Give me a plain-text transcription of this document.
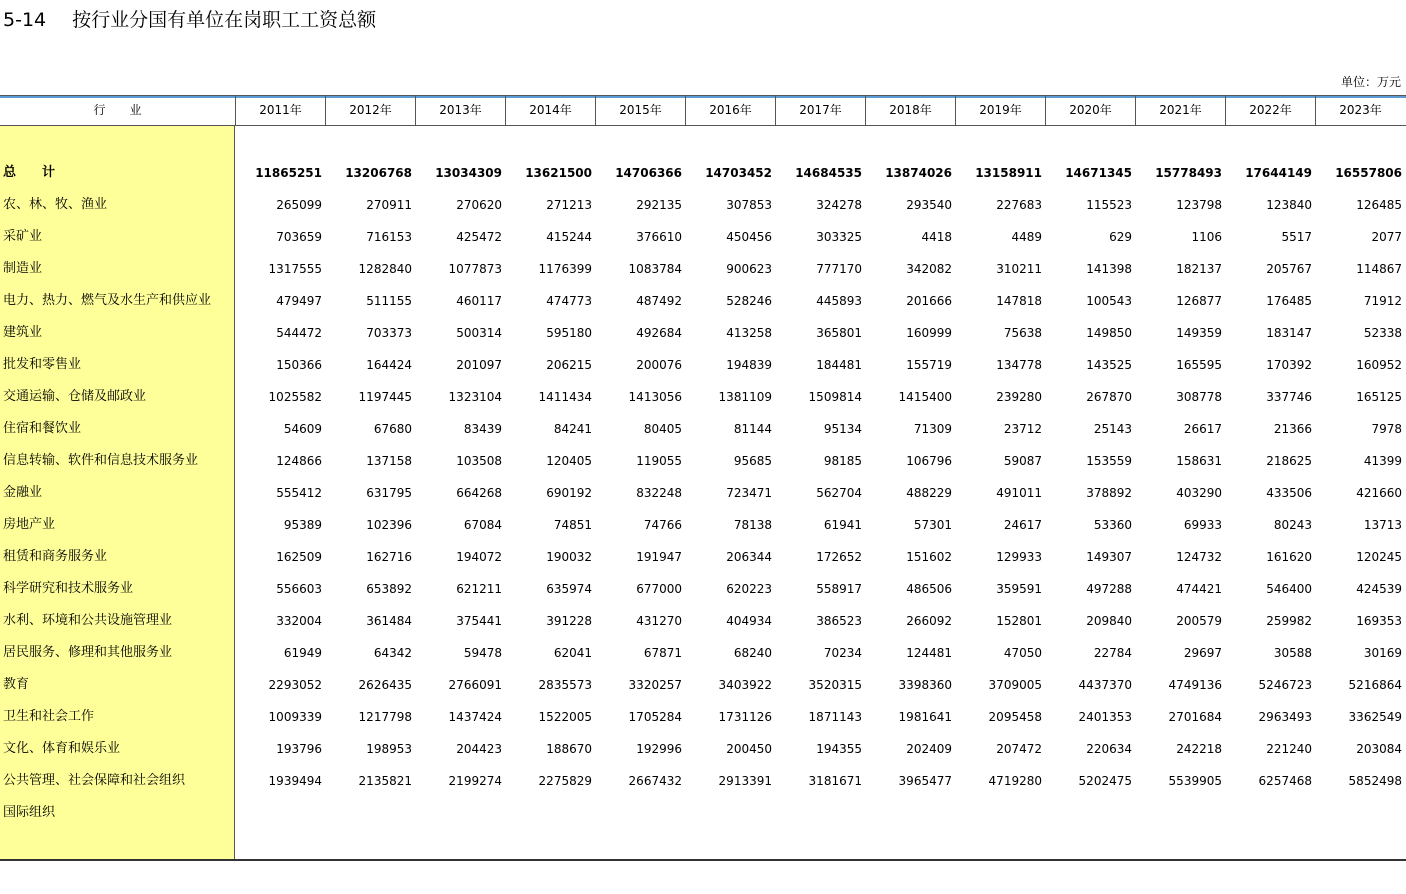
5-14 按行业分国有单位在岗职工工资总额
单位：万元
行　　业	2011年	2012年	2013年	2014年	2015年	2016年	2017年	2018年	2019年	2020年	2021年	2022年	2023年
总　　计	11865251	13206768	13034309	13621500	14706366	14703452	14684535	13874026	13158911	14671345	15778493	17644149	16557806
农、林、牧、渔业	265099	270911	270620	271213	292135	307853	324278	293540	227683	115523	123798	123840	126485
采矿业	703659	716153	425472	415244	376610	450456	303325	4418	4489	629	1106	5517	2077
制造业	1317555	1282840	1077873	1176399	1083784	900623	777170	342082	310211	141398	182137	205767	114867
电力、热力、燃气及水生产和供应业	479497	511155	460117	474773	487492	528246	445893	201666	147818	100543	126877	176485	71912
建筑业	544472	703373	500314	595180	492684	413258	365801	160999	75638	149850	149359	183147	52338
批发和零售业	150366	164424	201097	206215	200076	194839	184481	155719	134778	143525	165595	170392	160952
交通运输、仓储及邮政业	1025582	1197445	1323104	1411434	1413056	1381109	1509814	1415400	239280	267870	308778	337746	165125
住宿和餐饮业	54609	67680	83439	84241	80405	81144	95134	71309	23712	25143	26617	21366	7978
信息转输、软件和信息技术服务业	124866	137158	103508	120405	119055	95685	98185	106796	59087	153559	158631	218625	41399
金融业	555412	631795	664268	690192	832248	723471	562704	488229	491011	378892	403290	433506	421660
房地产业	95389	102396	67084	74851	74766	78138	61941	57301	24617	53360	69933	80243	13713
租赁和商务服务业	162509	162716	194072	190032	191947	206344	172652	151602	129933	149307	124732	161620	120245
科学研究和技术服务业	556603	653892	621211	635974	677000	620223	558917	486506	359591	497288	474421	546400	424539
水利、环境和公共设施管理业	332004	361484	375441	391228	431270	404934	386523	266092	152801	209840	200579	259982	169353
居民服务、修理和其他服务业	61949	64342	59478	62041	67871	68240	70234	124481	47050	22784	29697	30588	30169
教育	2293052	2626435	2766091	2835573	3320257	3403922	3520315	3398360	3709005	4437370	4749136	5246723	5216864
卫生和社会工作	1009339	1217798	1437424	1522005	1705284	1731126	1871143	1981641	2095458	2401353	2701684	2963493	3362549
文化、体育和娱乐业	193796	198953	204423	188670	192996	200450	194355	202409	207472	220634	242218	221240	203084
公共管理、社会保障和社会组织	1939494	2135821	2199274	2275829	2667432	2913391	3181671	3965477	4719280	5202475	5539905	6257468	5852498
国际组织
